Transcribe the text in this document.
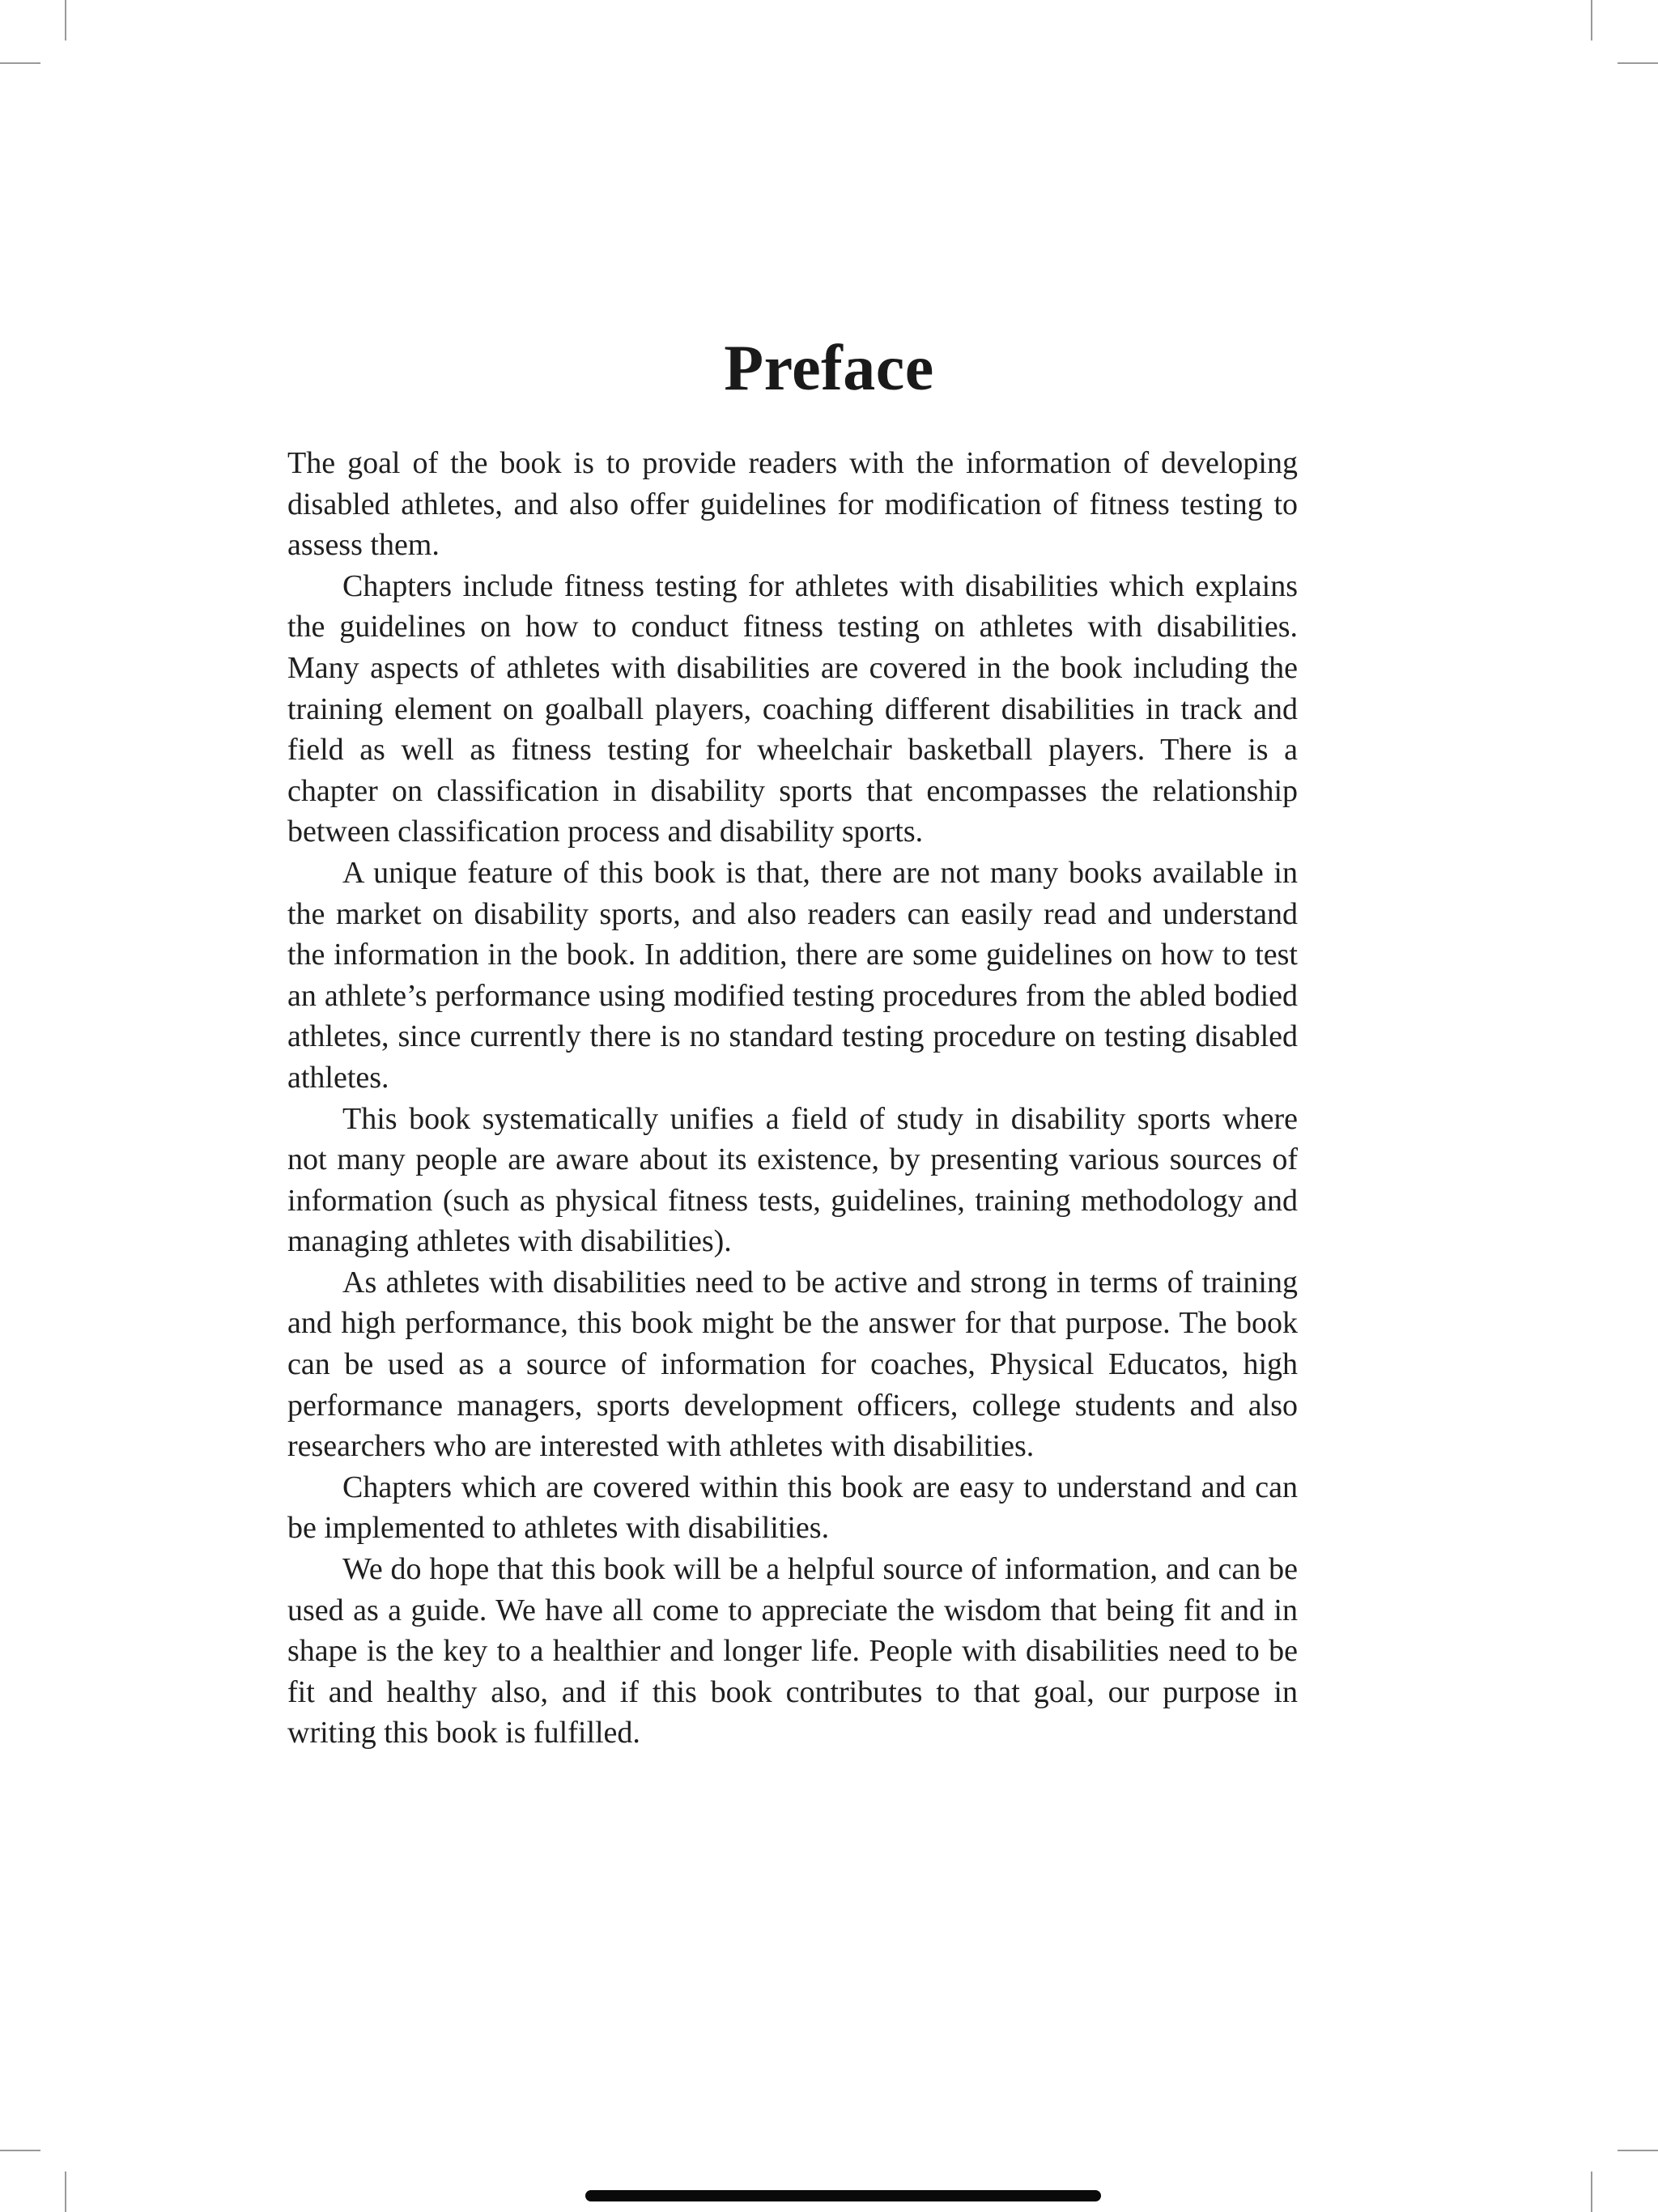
Preface

The goal of the book is to provide readers with the information of developing disabled athletes, and also offer guidelines for modification of fitness testing to assess them.

Chapters include fitness testing for athletes with disabilities which explains the guidelines on how to conduct fitness testing on athletes with disabilities. Many aspects of athletes with disabilities are covered in the book including the training element on goalball players, coaching different disabilities in track and field as well as fitness testing for wheelchair basketball players. There is a chapter on classification in disability sports that encompasses the relationship between classification process and disability sports.

A unique feature of this book is that, there are not many books available in the market on disability sports, and also readers can easily read and understand the information in the book. In addition, there are some guidelines on how to test an athlete’s performance using modified testing procedures from the abled bodied athletes, since currently there is no standard testing procedure on testing disabled athletes.

This book systematically unifies a field of study in disability sports where not many people are aware about its existence, by presenting various sources of information (such as physical fitness tests, guidelines, training methodology and managing athletes with disabilities).

As athletes with disabilities need to be active and strong in terms of training and high performance, this book might be the answer for that purpose. The book can be used as a source of information for coaches, Physical Educatos, high performance managers, sports development officers, college students and also researchers who are interested with athletes with disabilities.

Chapters which are covered within this book are easy to understand and can be implemented to athletes with disabilities.

We do hope that this book will be a helpful source of information, and can be used as a guide. We have all come to appreciate the wisdom that being fit and in shape is the key to a healthier and longer life. People with disabilities need to be fit and healthy also, and if this book contributes to that goal, our purpose in writing this book is fulfilled.
